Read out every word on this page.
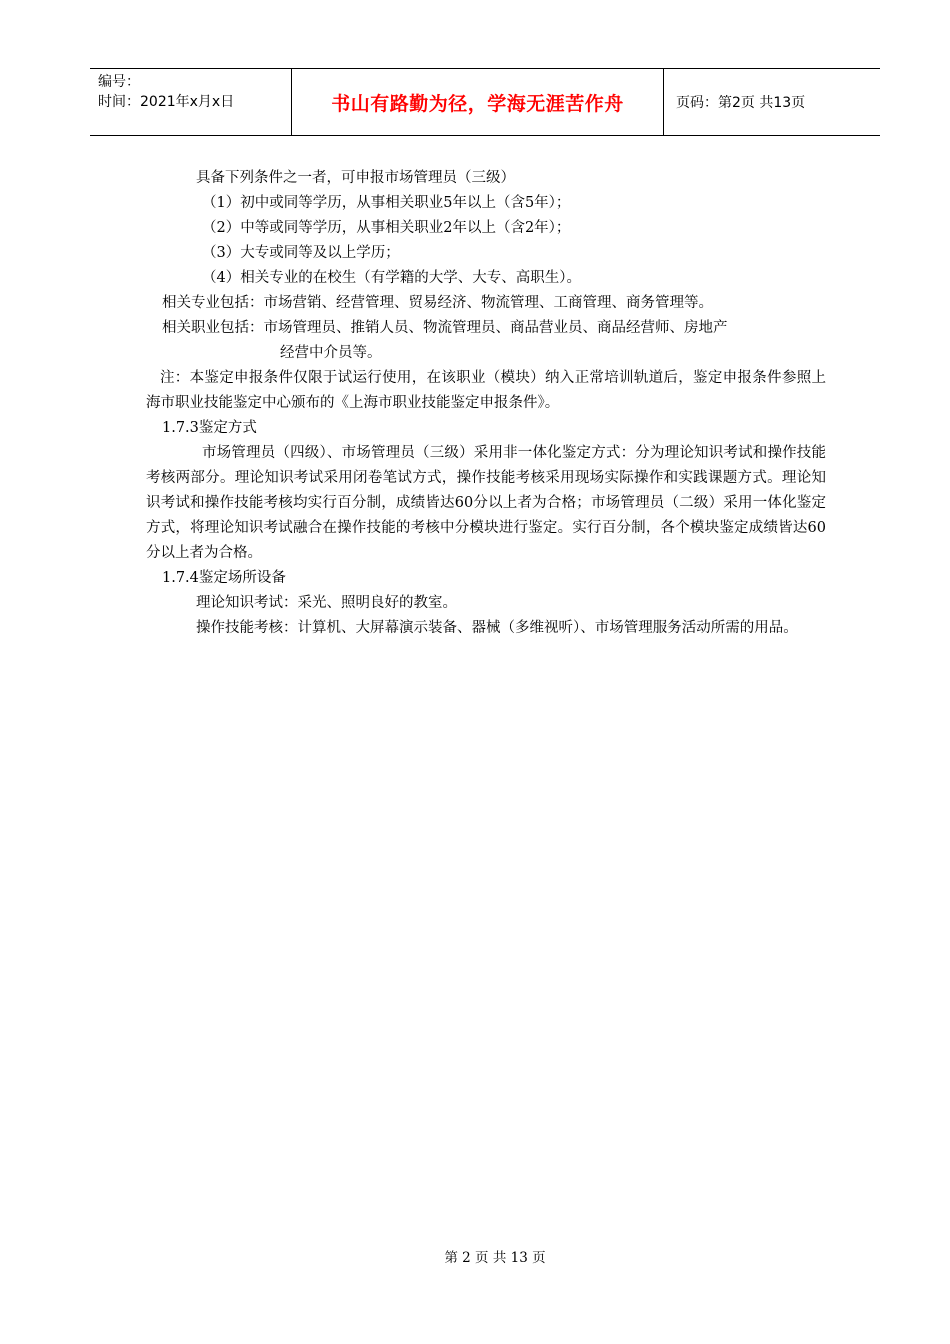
编号：
时间：2021年x月x日	书山有路勤为径，学海无涯苦作舟	页码：第2页 共13页
具备下列条件之一者，可申报市场管理员（三级）
（1）初中或同等学历，从事相关职业5年以上（含5年）；
（2）中等或同等学历，从事相关职业2年以上（含2年）；
（3）大专或同等及以上学历；
（4）相关专业的在校生（有学籍的大学、大专、高职生）。
相关专业包括：市场营销、经营管理、贸易经济、物流管理、工商管理、商务管理等。
相关职业包括：市场管理员、推销人员、物流管理员、商品营业员、商品经营师、房地产
经营中介员等。
注：本鉴定申报条件仅限于试运行使用，在该职业（模块）纳入正常培训轨道后，鉴定申报条件参照上海市职业技能鉴定中心颁布的《上海市职业技能鉴定申报条件》。
1.7.3鉴定方式
市场管理员（四级）、市场管理员（三级）采用非一体化鉴定方式：分为理论知识考试和操作技能考核两部分。理论知识考试采用闭卷笔试方式，操作技能考核采用现场实际操作和实践课题方式。理论知识考试和操作技能考核均实行百分制，成绩皆达60分以上者为合格；市场管理员（二级）采用一体化鉴定方式，将理论知识考试融合在操作技能的考核中分模块进行鉴定。实行百分制，各个模块鉴定成绩皆达60分以上者为合格。
1.7.4鉴定场所设备
理论知识考试：采光、照明良好的教室。
操作技能考核：计算机、大屏幕演示装备、器械（多维视听）、市场管理服务活动所需的用品。
第 2 页 共 13 页
